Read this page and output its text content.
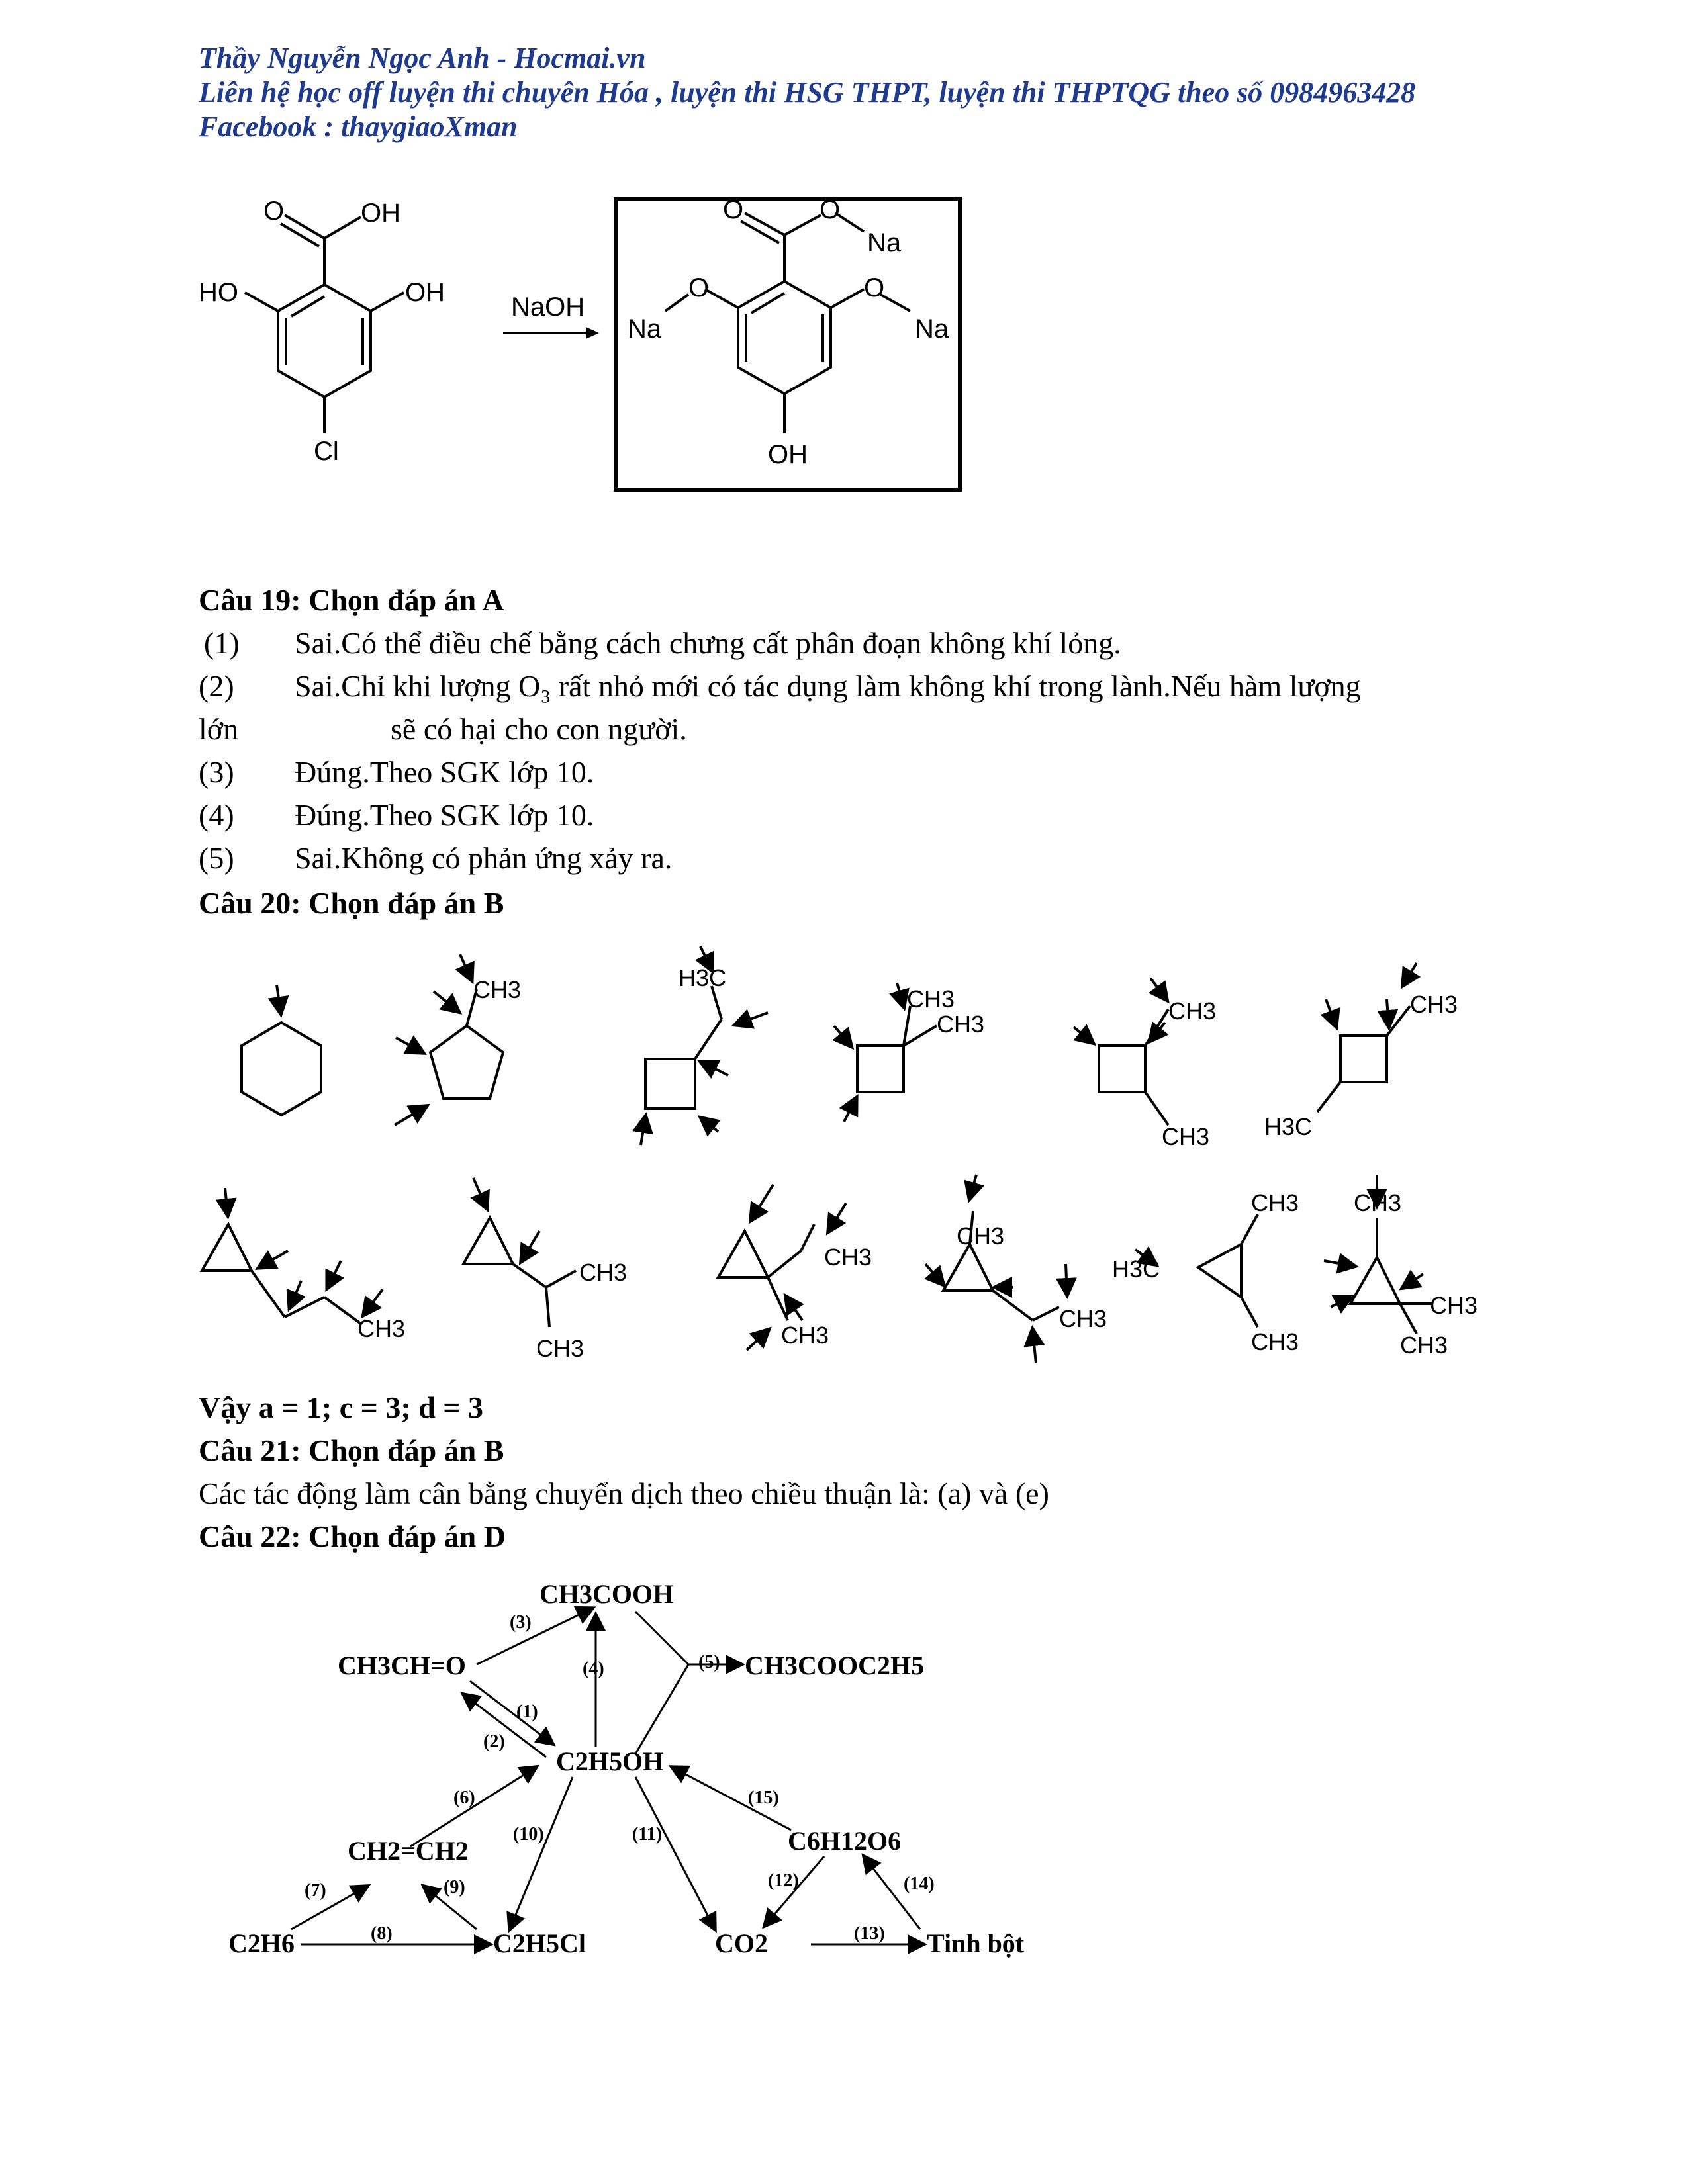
Thầy Nguyễn Ngọc Anh - Hocmai.vn
Liên hệ học off luyện thi chuyên Hóa , luyện thi HSG THPT, luyện thi THPTQG theo số 0984963428
Facebook : thaygiaoXman
O	OH
HO	OH
Cl
NaOH
O	O
Na
O
Na
O
Na
OH
Câu 19: Chọn đáp án A
(1) Sai.Có thể điều chế bằng cách chưng cất phân đoạn không khí lỏng.
(2) Sai.Chỉ khi lượng O₃ rất nhỏ mới có tác dụng làm không khí trong lành.Nếu hàm lượng
lớn	sẽ có hại cho con người.
(3) Đúng.Theo SGK lớp 10.
(4) Đúng.Theo SGK lớp 10.
(5) Sai.Không có phản ứng xảy ra.
Câu 20: Chọn đáp án B
CH3	H3C
CH3
CH3	CH3
CH3
CH3
H3C
CH3
CH3
CH3
CH3
CH3
CH3
CH3
H3C
CH3
CH3
CH3
CH3
CH3
Vậy a = 1; c = 3; d = 3
Câu 21: Chọn đáp án B
Các tác động làm cân bằng chuyển dịch theo chiều thuận là: (a) và (e)
Câu 22: Chọn đáp án D
CH3COOH
CH3CH=O	CH3COOC2H5
C2H5OH
CH2=CH2	C6H12O6
C2H6	C2H5Cl	CO2	Tinh bột
(3)
(4)	(5)
(1)
(2)
(6)
(7)
(8)
(9)
(10)	(11)
(12)
(13)
(14)
(15)
